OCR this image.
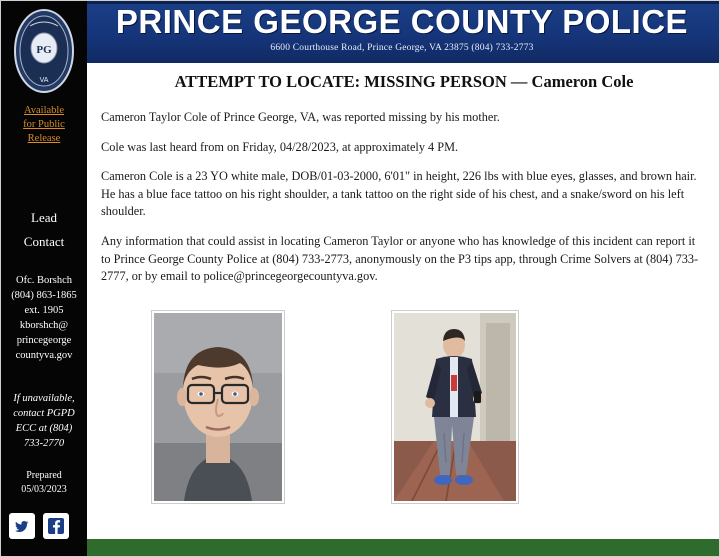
PRINCE GEORGE COUNTY POLICE
6600 Courthouse Road, Prince George, VA 23875 (804) 733-2773
PG
VA
Available
for Public
Release
Lead
Contact
Ofc. Borshch
(804) 863-1865
ext. 1905
kborshch@
princegeorge
countyva.gov
If unavailable,
contact PGPD
ECC at (804)
733-2770
Prepared
05/03/2023
ATTEMPT TO LOCATE: MISSING PERSON — Cameron Cole
Cameron Taylor Cole of Prince George, VA, was reported missing by his mother.
Cole was last heard from on Friday, 04/28/2023, at approximately 4 PM.
Cameron Cole is a 23 YO white male, DOB/01-03-2000, 6'01" in height, 226 lbs with blue eyes, glasses, and brown hair. He has a blue face tattoo on his right shoulder, a tank tattoo on the right side of his chest, and a snake/sword on his left shoulder.
Any information that could assist in locating Cameron Taylor or anyone who has knowledge of this incident can report it to Prince George County Police at (804) 733-2773, anonymously on the P3 tips app, through Crime Solvers at (804) 733-2777, or by email to police@princegeorgecountyva.gov.
